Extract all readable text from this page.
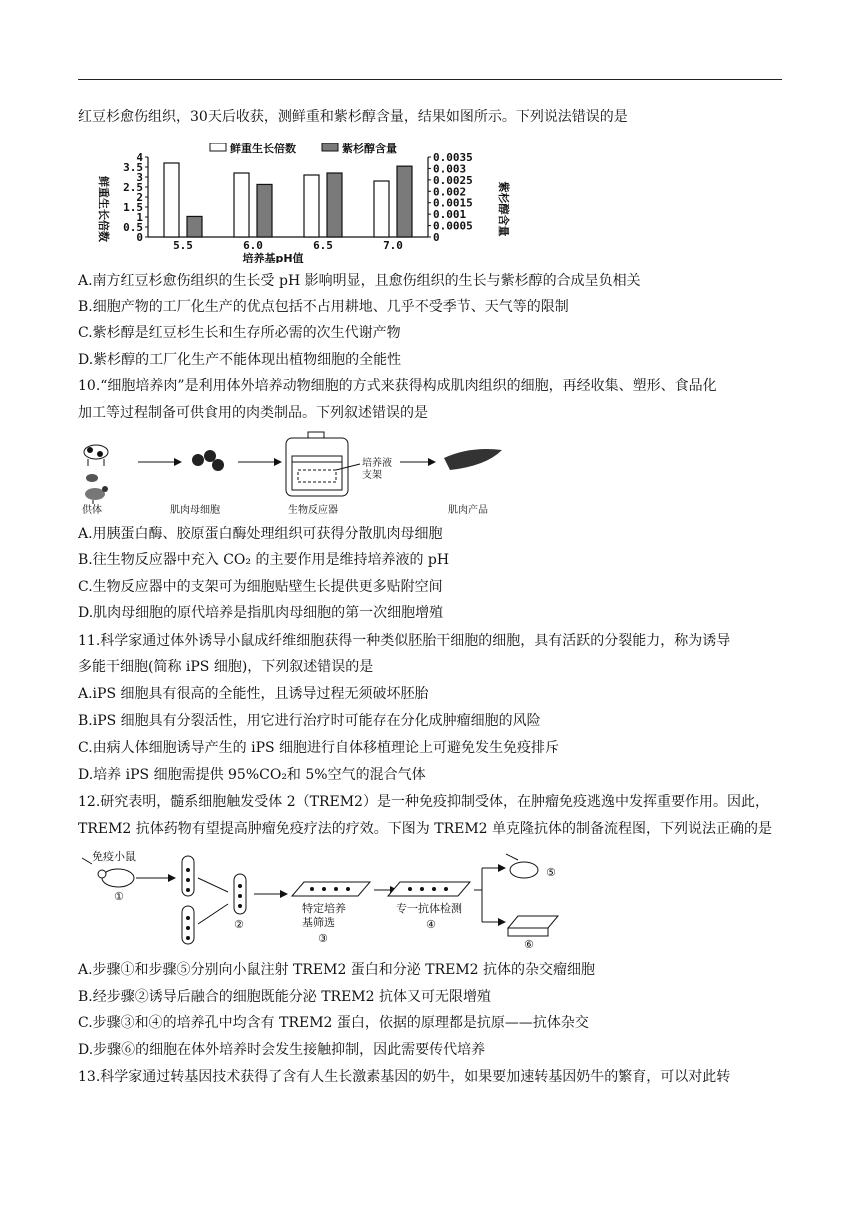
红豆杉愈伤组织，30天后收获，测鲜重和紫杉醇含量，结果如图所示。下列说法错误的是
鲜重生长倍数	紫杉醇含量
鲜重生长倍数	紫杉醇含量
0
0.5
1
1.5
2
2.5
3
3.5
4
0
0.0005
0.001
0.0015
0.002
0.0025
0.003
0.0035
5.5	6.0	6.5	7.0
培养基pH值
A.南方红豆杉愈伤组织的生长受 pH 影响明显，且愈伤组织的生长与紫杉醇的合成呈负相关
B.细胞产物的工厂化生产的优点包括不占用耕地、几乎不受季节、天气等的限制
C.紫杉醇是红豆杉生长和生存所必需的次生代谢产物
D.紫杉醇的工厂化生产不能体现出植物细胞的全能性
10.“细胞培养肉”是利用体外培养动物细胞的方式来获得构成肌肉组织的细胞，再经收集、塑形、食品化
加工等过程制备可供食用的肉类制品。下列叙述错误的是
供体	肌肉母细胞
培养液
支架
生物反应器	肌肉产品
A.用胰蛋白酶、胶原蛋白酶处理组织可获得分散肌肉母细胞
B.往生物反应器中充入 CO₂ 的主要作用是维持培养液的 pH
C.生物反应器中的支架可为细胞贴壁生长提供更多贴附空间
D.肌肉母细胞的原代培养是指肌肉母细胞的第一次细胞增殖
11.科学家通过体外诱导小鼠成纤维细胞获得一种类似胚胎干细胞的细胞，具有活跃的分裂能力，称为诱导
多能干细胞(简称 iPS 细胞)，下列叙述错误的是
A.iPS 细胞具有很高的全能性，且诱导过程无须破坏胚胎
B.iPS 细胞具有分裂活性，用它进行治疗时可能存在分化成肿瘤细胞的风险
C.由病人体细胞诱导产生的 iPS 细胞进行自体移植理论上可避免发生免疫排斥
D.培养 iPS 细胞需提供 95%CO₂和 5%空气的混合气体
12.研究表明，髓系细胞触发受体 2（TREM2）是一种免疫抑制受体，在肿瘤免疫逃逸中发挥重要作用。因此，
TREM2 抗体药物有望提高肿瘤免疫疗法的疗效。下图为 TREM2 单克隆抗体的制备流程图，下列说法正确的是
免疫小鼠
①
②
特定培养
基筛选
③
专一抗体检测
④
⑤
⑥
A.步骤①和步骤⑤分别向小鼠注射 TREM2 蛋白和分泌 TREM2 抗体的杂交瘤细胞
B.经步骤②诱导后融合的细胞既能分泌 TREM2 抗体又可无限增殖
C.步骤③和④的培养孔中均含有 TREM2 蛋白，依据的原理都是抗原——抗体杂交
D.步骤⑥的细胞在体外培养时会发生接触抑制，因此需要传代培养
13.科学家通过转基因技术获得了含有人生长激素基因的奶牛，如果要加速转基因奶牛的繁育，可以对此转
